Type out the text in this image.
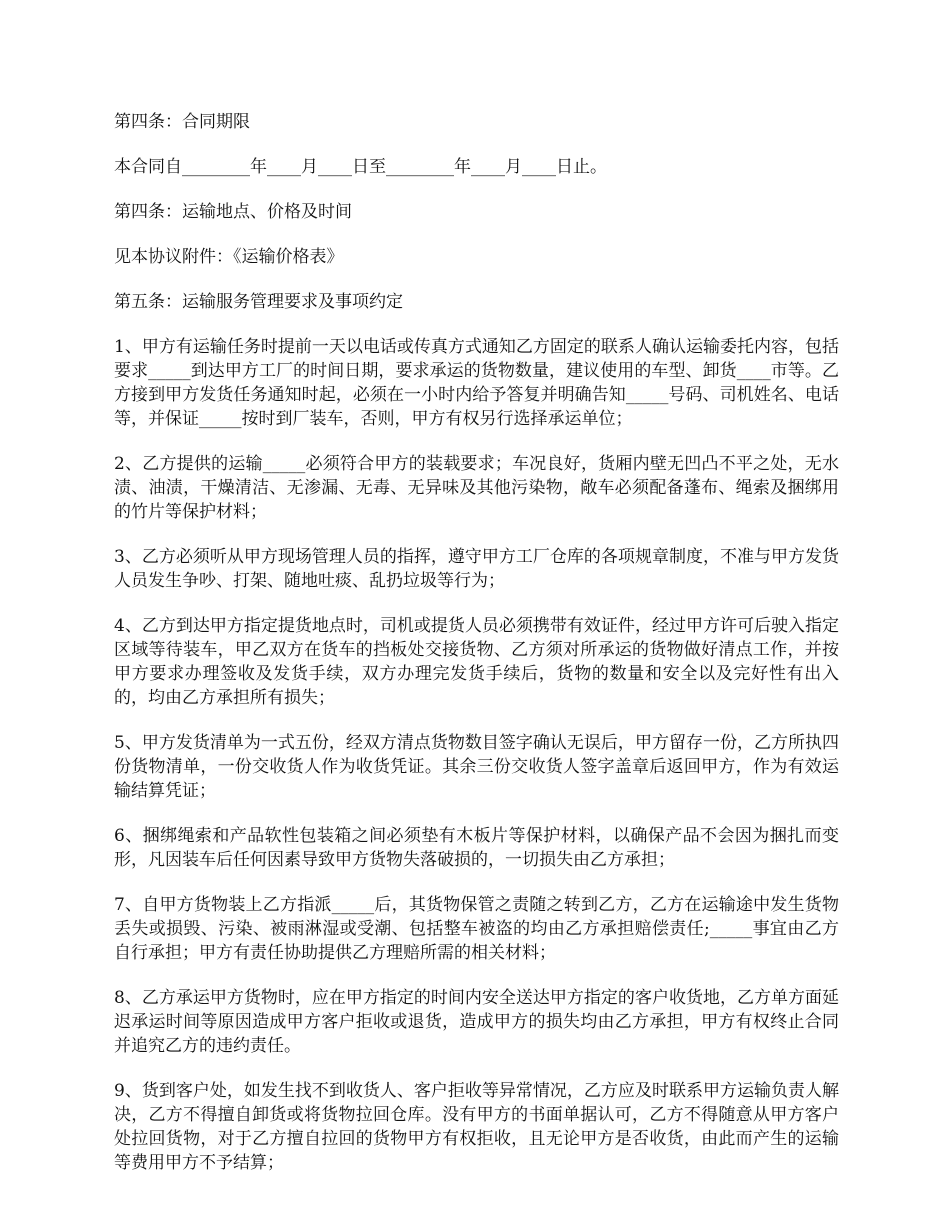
第四条：合同期限

本合同自________年____月____日至________年____月____日止。

第四条：运输地点、价格及时间

见本协议附件：《运输价格表》

第五条：运输服务管理要求及事项约定

1、甲方有运输任务时提前一天以电话或传真方式通知乙方固定的联系人确认运输委托内容，包括要求_____到达甲方工厂的时间日期，要求承运的货物数量，建议使用的车型、卸货____市等。乙方接到甲方发货任务通知时起，必须在一小时内给予答复并明确告知_____号码、司机姓名、电话等，并保证_____按时到厂装车，否则，甲方有权另行选择承运单位；

2、乙方提供的运输_____必须符合甲方的装载要求；车况良好，货厢内壁无凹凸不平之处，无水渍、油渍，干燥清洁、无渗漏、无毒、无异味及其他污染物，敞车必须配备蓬布、绳索及捆绑用的竹片等保护材料；

3、乙方必须听从甲方现场管理人员的指挥，遵守甲方工厂仓库的各项规章制度，不准与甲方发货人员发生争吵、打架、随地吐痰、乱扔垃圾等行为；

4、乙方到达甲方指定提货地点时，司机或提货人员必须携带有效证件，经过甲方许可后驶入指定区域等待装车，甲乙双方在货车的挡板处交接货物、乙方须对所承运的货物做好清点工作，并按甲方要求办理签收及发货手续，双方办理完发货手续后，货物的数量和安全以及完好性有出入的，均由乙方承担所有损失；

5、甲方发货清单为一式五份，经双方清点货物数目签字确认无误后，甲方留存一份，乙方所执四份货物清单，一份交收货人作为收货凭证。其余三份交收货人签字盖章后返回甲方，作为有效运输结算凭证；

6、捆绑绳索和产品软性包装箱之间必须垫有木板片等保护材料，以确保产品不会因为捆扎而变形，凡因装车后任何因素导致甲方货物失落破损的，一切损失由乙方承担；

7、自甲方货物装上乙方指派_____后，其货物保管之责随之转到乙方，乙方在运输途中发生货物丢失或损毁、污染、被雨淋湿或受潮、包括整车被盗的均由乙方承担赔偿责任;_____事宜由乙方自行承担；甲方有责任协助提供乙方理赔所需的相关材料；

8、乙方承运甲方货物时，应在甲方指定的时间内安全送达甲方指定的客户收货地，乙方单方面延迟承运时间等原因造成甲方客户拒收或退货，造成甲方的损失均由乙方承担，甲方有权终止合同并追究乙方的违约责任。

9、货到客户处，如发生找不到收货人、客户拒收等异常情况，乙方应及时联系甲方运输负责人解决，乙方不得擅自卸货或将货物拉回仓库。没有甲方的书面单据认可，乙方不得随意从甲方客户处拉回货物，对于乙方擅自拉回的货物甲方有权拒收，且无论甲方是否收货，由此而产生的运输等费用甲方不予结算；
